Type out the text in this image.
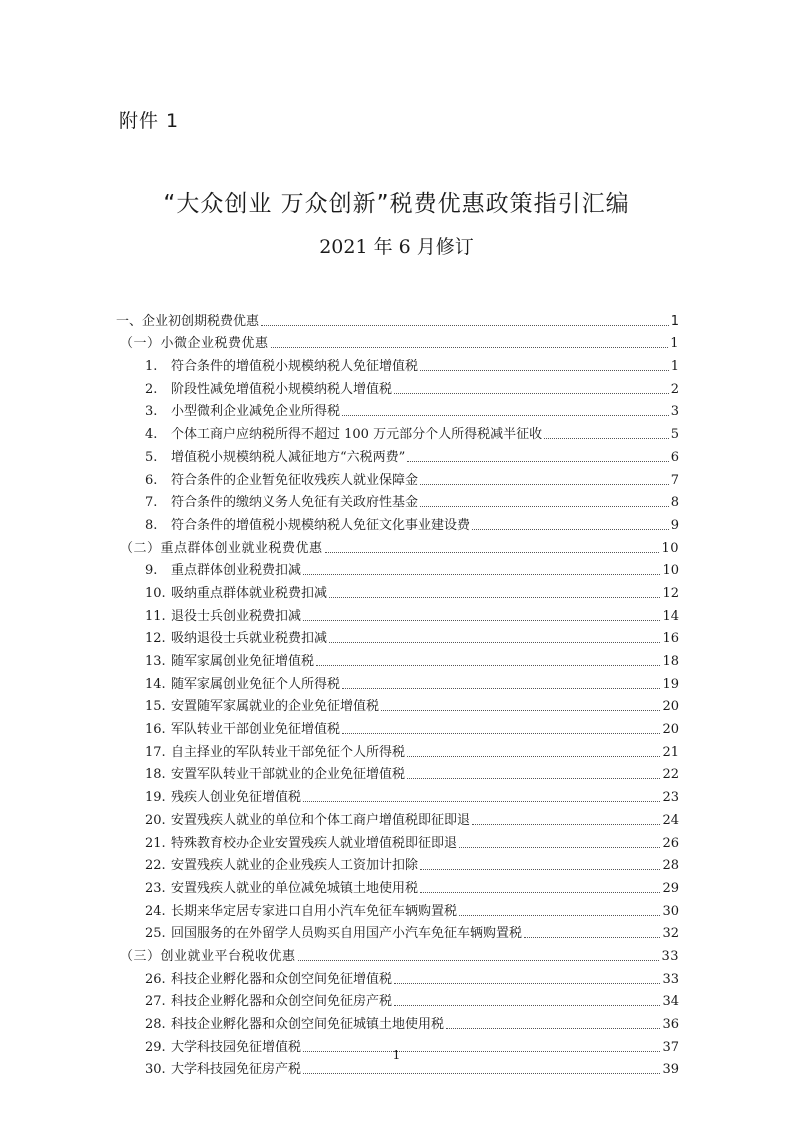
附件 1
“大众创业 万众创新”税费优惠政策指引汇编
2021 年 6 月修订
一、企业初创期税费优惠	1
（一）小微企业税费优惠	1
1.	符合条件的增值税小规模纳税人免征增值税	1
2.	阶段性减免增值税小规模纳税人增值税	2
3.	小型微利企业减免企业所得税	3
4.	个体工商户应纳税所得不超过 100 万元部分个人所得税减半征收	5
5.	增值税小规模纳税人减征地方“六税两费”	6
6.	符合条件的企业暂免征收残疾人就业保障金	7
7.	符合条件的缴纳义务人免征有关政府性基金	8
8.	符合条件的增值税小规模纳税人免征文化事业建设费	9
（二）重点群体创业就业税费优惠	10
9.	重点群体创业税费扣减	10
10. 吸纳重点群体就业税费扣减	12
11. 退役士兵创业税费扣减	14
12. 吸纳退役士兵就业税费扣减	16
13. 随军家属创业免征增值税	18
14. 随军家属创业免征个人所得税	19
15. 安置随军家属就业的企业免征增值税	20
16. 军队转业干部创业免征增值税	20
17. 自主择业的军队转业干部免征个人所得税	21
18. 安置军队转业干部就业的企业免征增值税	22
19. 残疾人创业免征增值税	23
20. 安置残疾人就业的单位和个体工商户增值税即征即退	24
21. 特殊教育校办企业安置残疾人就业增值税即征即退	26
22. 安置残疾人就业的企业残疾人工资加计扣除	28
23. 安置残疾人就业的单位减免城镇土地使用税	29
24. 长期来华定居专家进口自用小汽车免征车辆购置税	30
25. 回国服务的在外留学人员购买自用国产小汽车免征车辆购置税	32
（三）创业就业平台税收优惠	33
26. 科技企业孵化器和众创空间免征增值税	33
27. 科技企业孵化器和众创空间免征房产税	34
28. 科技企业孵化器和众创空间免征城镇土地使用税	36
29. 大学科技园免征增值税	37
30. 大学科技园免征房产税	39
1
